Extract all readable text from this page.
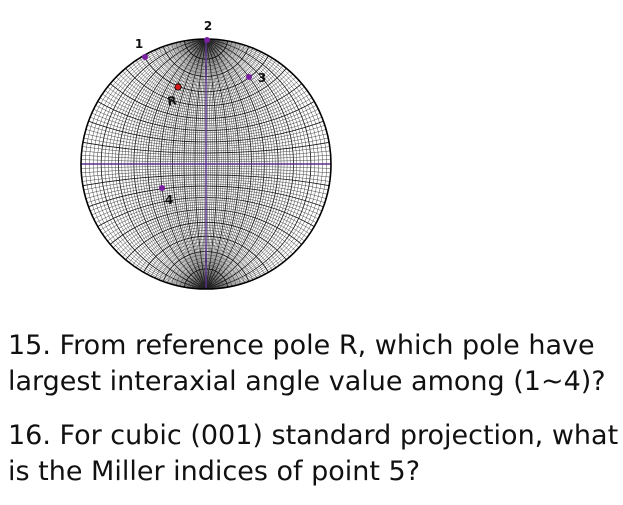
1
2
3
R
4

15. From reference pole R, which pole have largest interaxial angle value among (1~4)?

16. For cubic (001) standard projection, what is the Miller indices of point 5?
